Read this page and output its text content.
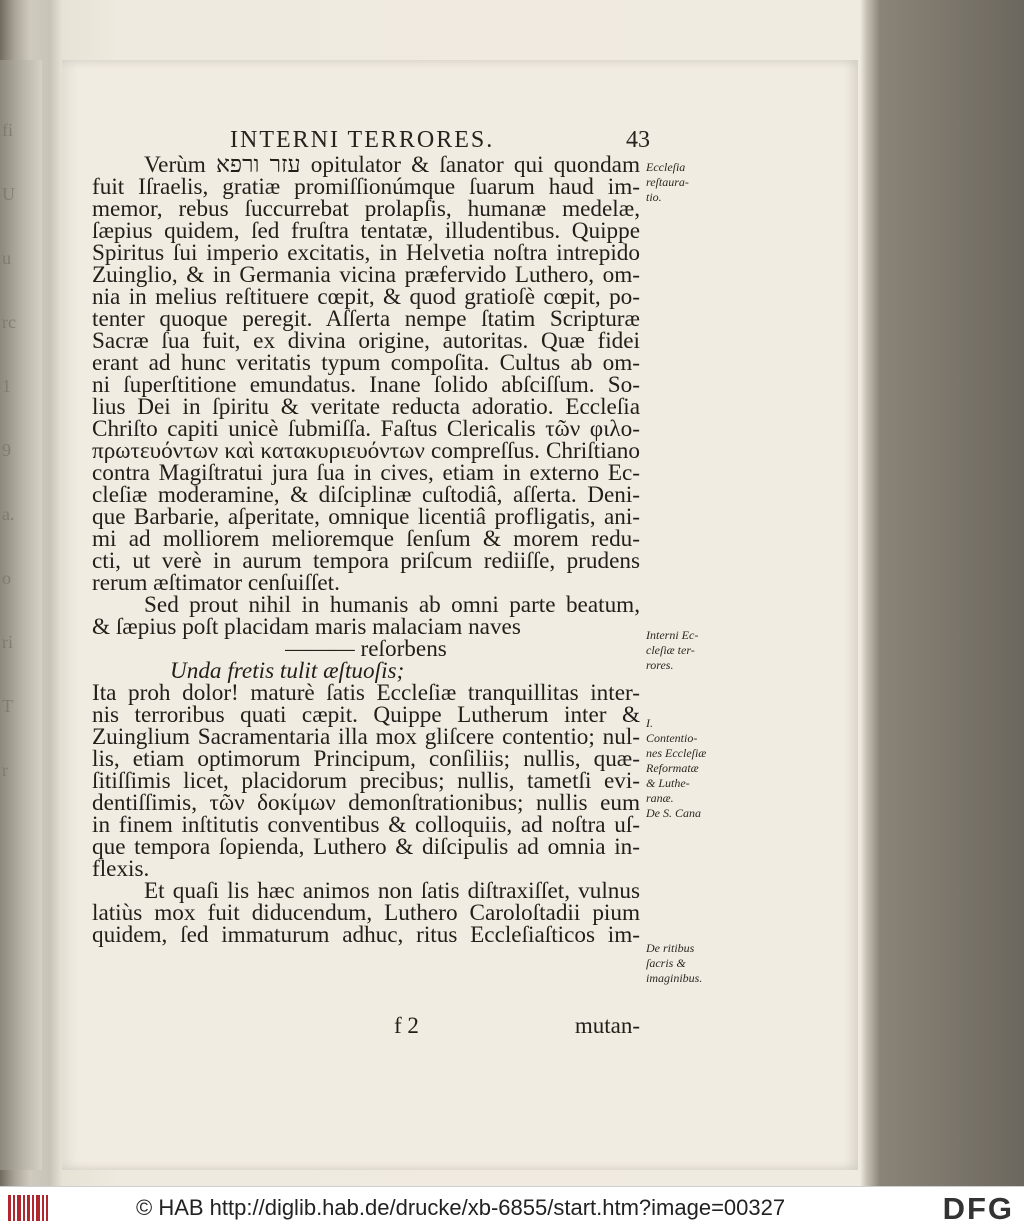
fi
U
u
rc
1
9
a.
o
ri
T
r
INTERNI TERRORES.	43
Verùm עזר ורפא opitulator & ſanator qui quondam
fuit Iſraelis, gratiæ promiſſionúmque ſuarum haud im-
memor, rebus ſuccurrebat prolapſis, humanæ medelæ,
ſæpius quidem, ſed fruſtra tentatæ, illudentibus. Quippe
Spiritus ſui imperio excitatis, in Helvetia noſtra intrepido
Zuinglio, & in Germania vicina præfervido Luthero, om-
nia in melius reſtituere cœpit, & quod gratioſè cœpit, po-
tenter quoque peregit. Aſſerta nempe ſtatim Scripturæ
Sacræ ſua fuit, ex divina origine, autoritas. Quæ fidei
erant ad hunc veritatis typum compoſita. Cultus ab om-
ni ſuperſtitione emundatus. Inane ſolido abſciſſum. So-
lius Dei in ſpiritu & veritate reducta adoratio. Eccleſia
Chriſto capiti unicè ſubmiſſa. Faſtus Clericalis τῶν φιλο-
πρωτευόντων καὶ κατακυριευόντων compreſſus. Chriſtiano
contra Magiſtratui jura ſua in cives, etiam in externo Ec-
cleſiæ moderamine, & diſciplinæ cuſtodiâ, aſſerta. Deni-
que Barbarie, aſperitate, omnique licentiâ profligatis, ani-
mi ad molliorem melioremque ſenſum & morem redu-
cti, ut verè in aurum tempora priſcum rediiſſe, prudens
rerum æſtimator cenſuiſſet.
Sed prout nihil in humanis ab omni parte beatum,
& ſæpius poſt placidam maris malaciam naves
——— reſorbens
Unda fretis tulit æſtuoſis;
Ita proh dolor! maturè ſatis Eccleſiæ tranquillitas inter-
nis terroribus quati cæpit. Quippe Lutherum inter &
Zuinglium Sacramentaria illa mox gliſcere contentio; nul-
lis, etiam optimorum Principum, conſiliis; nullis, quæ-
ſitiſſimis licet, placidorum precibus; nullis, tametſi evi-
dentiſſimis, τῶν δοκίμων demonſtrationibus; nullis eum
in finem inſtitutis conventibus & colloquiis, ad noſtra uſ-
que tempora ſopienda, Luthero & diſcipulis ad omnia in-
flexis.
Et quaſi lis hæc animos non ſatis diſtraxiſſet, vulnus
latiùs mox fuit diducendum, Luthero Caroloſtadii pium
quidem, ſed immaturum adhuc, ritus Eccleſiaſticos im-
Eccleſia
reſtaura-
tio.
Interni Ec-
cleſiæ ter-
rores.
I.
Contentio-
nes Eccleſiæ
Reformatæ
& Luthe-
ranæ.
De S. Cana
De ritibus
ſacris &
imaginibus.
f 2	mutan-
© HAB http://diglib.hab.de/drucke/xb-6855/start.htm?image=00327	DFG
